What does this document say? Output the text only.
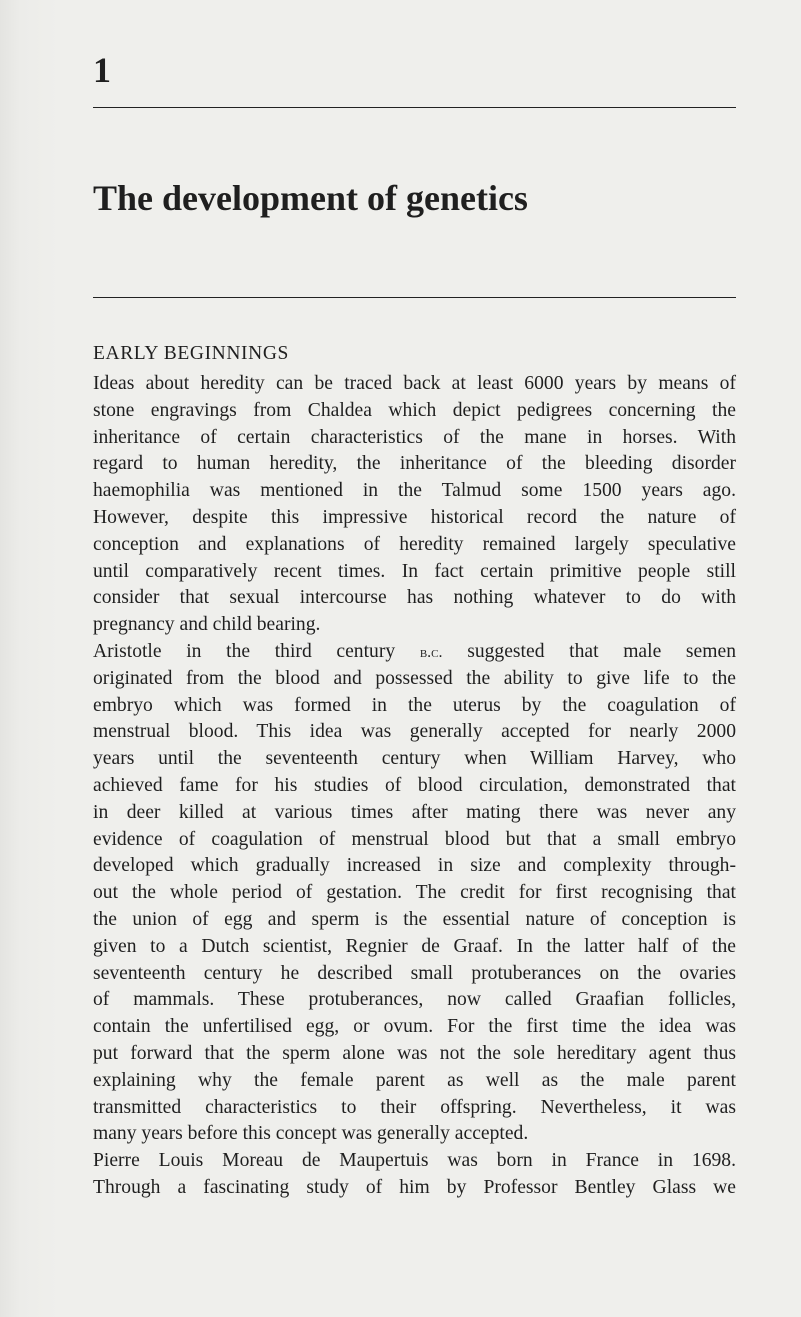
1
The development of genetics
EARLY BEGINNINGS
Ideas about heredity can be traced back at least 6000 years by means of
stone engravings from Chaldea which depict pedigrees concerning the
inheritance of certain characteristics of the mane in horses. With
regard to human heredity, the inheritance of the bleeding disorder
haemophilia was mentioned in the Talmud some 1500 years ago.
However, despite this impressive historical record the nature of
conception and explanations of heredity remained largely speculative
until comparatively recent times. In fact certain primitive people still
consider that sexual intercourse has nothing whatever to do with
pregnancy and child bearing.
Aristotle in the third century b.c. suggested that male semen
originated from the blood and possessed the ability to give life to the
embryo which was formed in the uterus by the coagulation of
menstrual blood. This idea was generally accepted for nearly 2000
years until the seventeenth century when William Harvey, who
achieved fame for his studies of blood circulation, demonstrated that
in deer killed at various times after mating there was never any
evidence of coagulation of menstrual blood but that a small embryo
developed which gradually increased in size and complexity through-
out the whole period of gestation. The credit for first recognising that
the union of egg and sperm is the essential nature of conception is
given to a Dutch scientist, Regnier de Graaf. In the latter half of the
seventeenth century he described small protuberances on the ovaries
of mammals. These protuberances, now called Graafian follicles,
contain the unfertilised egg, or ovum. For the first time the idea was
put forward that the sperm alone was not the sole hereditary agent thus
explaining why the female parent as well as the male parent
transmitted characteristics to their offspring. Nevertheless, it was
many years before this concept was generally accepted.
Pierre Louis Moreau de Maupertuis was born in France in 1698.
Through a fascinating study of him by Professor Bentley Glass we
